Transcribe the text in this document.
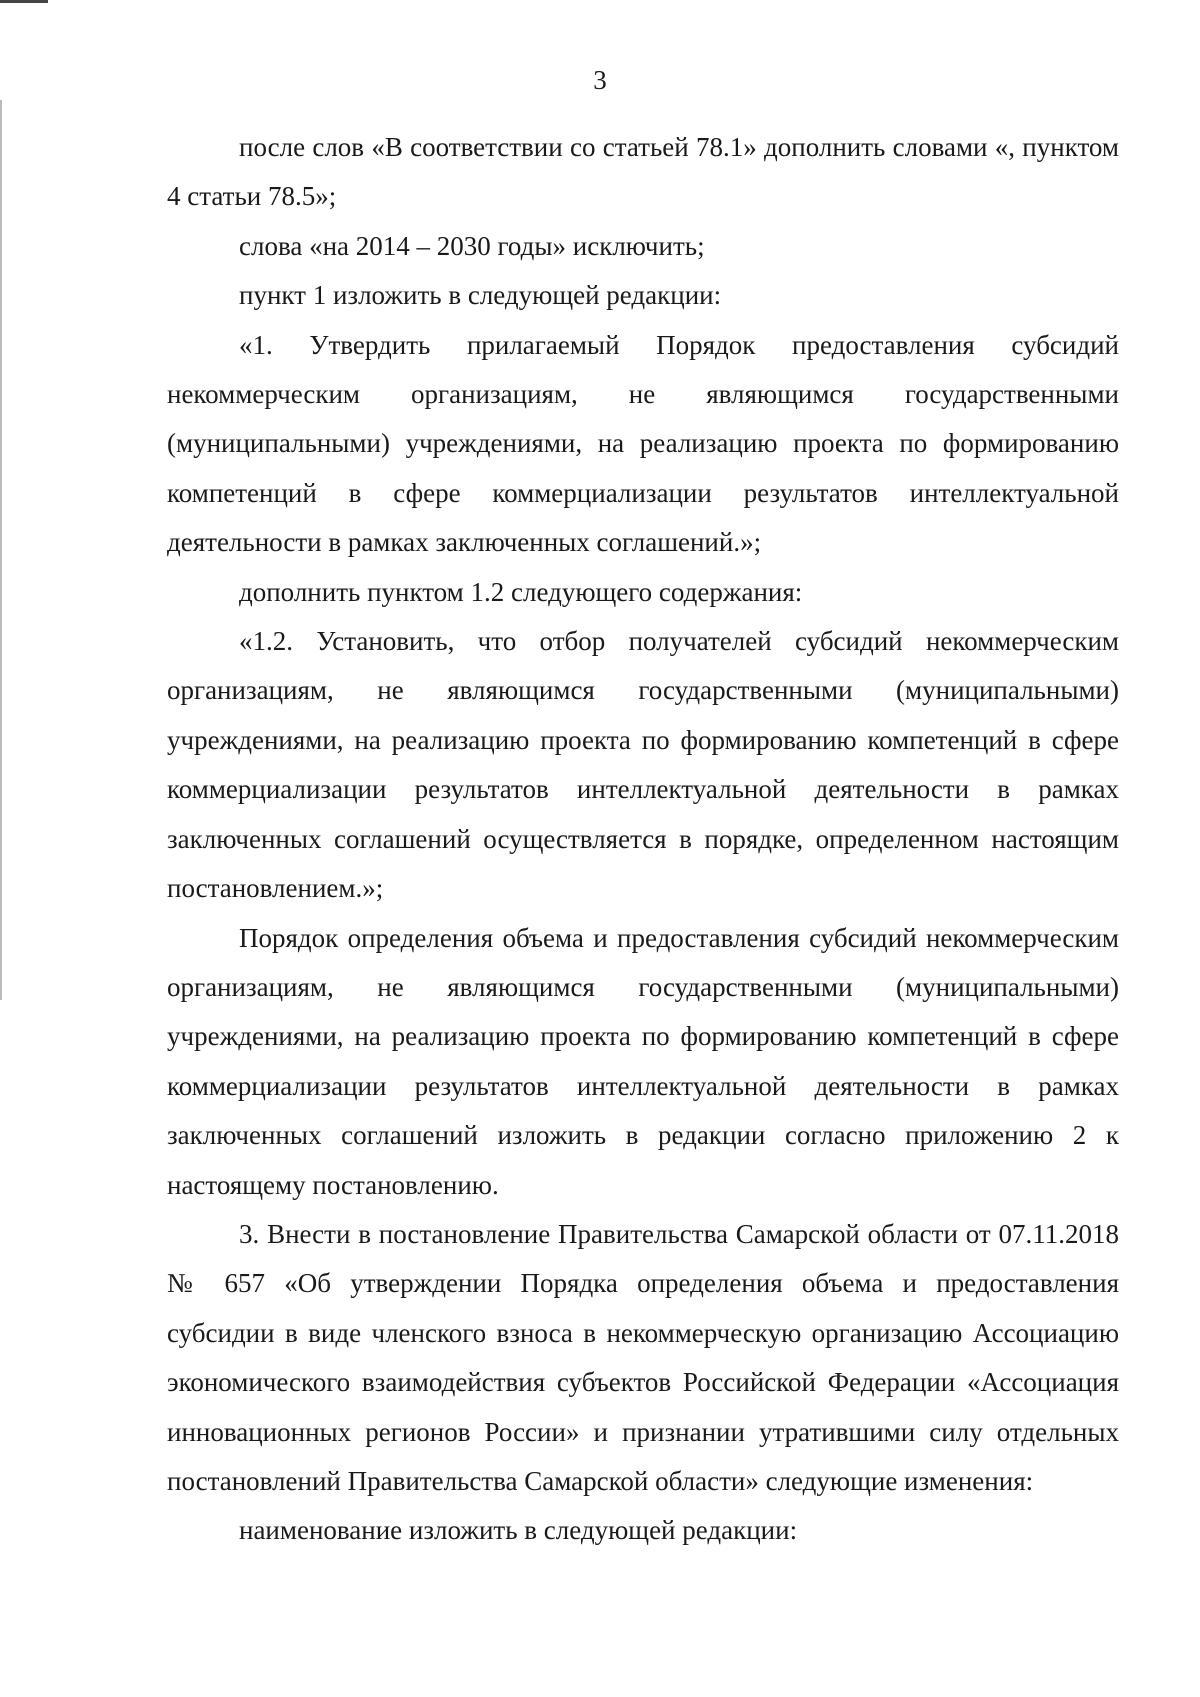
3

после слов «В соответствии со статьей 78.1» дополнить словами «, пунктом 4 статьи 78.5»;

слова «на 2014 – 2030 годы» исключить;

пункт 1 изложить в следующей редакции:

«1. Утвердить прилагаемый Порядок предоставления субсидий некоммерческим организациям, не являющимся государственными (муниципальными) учреждениями, на реализацию проекта по формированию компетенций в сфере коммерциализации результатов интеллектуальной деятельности в рамках заключенных соглашений.»;

дополнить пунктом 1.2 следующего содержания:

«1.2. Установить, что отбор получателей субсидий некоммерческим организациям, не являющимся государственными (муниципальными) учреждениями, на реализацию проекта по формированию компетенций в сфере коммерциализации результатов интеллектуальной деятельности в рамках заключенных соглашений осуществляется в порядке, определенном настоящим постановлением.»;

Порядок определения объема и предоставления субсидий некоммерческим организациям, не являющимся государственными (муниципальными) учреждениями, на реализацию проекта по формированию компетенций в сфере коммерциализации результатов интеллектуальной деятельности в рамках заключенных соглашений изложить в редакции согласно приложению 2 к настоящему постановлению.

3. Внести в постановление Правительства Самарской области от 07.11.2018 № 657 «Об утверждении Порядка определения объема и предоставления субсидии в виде членского взноса в некоммерческую организацию Ассоциацию экономического взаимодействия субъектов Российской Федерации «Ассоциация инновационных регионов России» и признании утратившими силу отдельных постановлений Правительства Самарской области» следующие изменения:

наименование изложить в следующей редакции:
